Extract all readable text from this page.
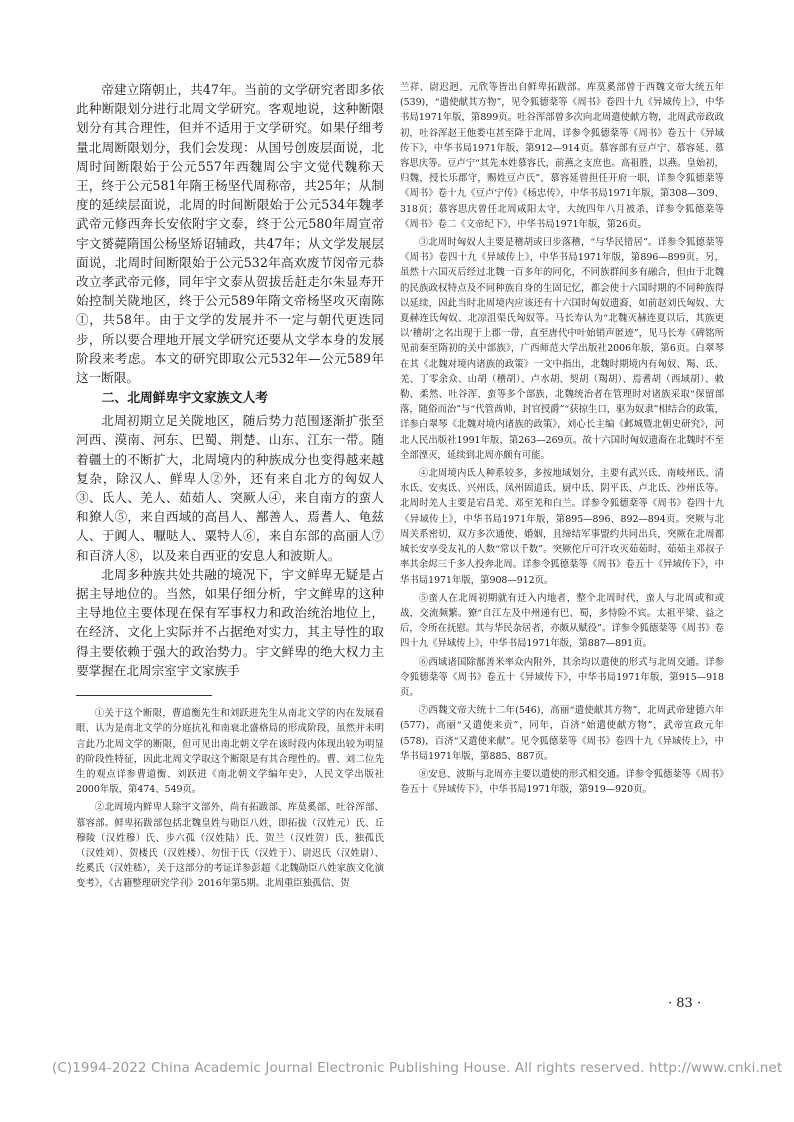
帝建立隋朝止，共47年。当前的文学研究者即多依此种断限划分进行北周文学研究。客观地说，这种断限划分有其合理性，但并不适用于文学研究。如果仔细考量北周断限划分，我们会发现：从国号创废层面说，北周时间断限始于公元557年西魏周公宇文觉代魏称天王，终于公元581年隋王杨坚代周称帝，共25年；从制度的延续层面说，北周的时间断限始于公元534年魏孝武帝元修西奔长安依附宇文泰，终于公元580年周宣帝宇文赟薨隋国公杨坚矫诏辅政，共47年；从文学发展层面说，北周时间断限始于公元532年高欢废节闵帝元恭改立孝武帝元修，同年宇文泰从贺拔岳赶走尔朱显寿开始控制关陇地区，终于公元589年隋文帝杨坚攻灭南陈①，共58年。由于文学的发展并不一定与朝代更迭同步，所以要合理地开展文学研究还要从文学本身的发展阶段来考虑。本文的研究即取公元532年—公元589年这一断限。

二、北周鲜卑宇文家族文人考

北周初期立足关陇地区，随后势力范围逐渐扩张至河西、漠南、河东、巴蜀、荆楚、山东、江东一带。随着疆土的不断扩大，北周境内的种族成分也变得越来越复杂，除汉人、鲜卑人②外，还有来自北方的匈奴人③、氐人、羌人、茹茹人、突厥人④，来自南方的蛮人和獠人⑤，来自西域的高昌人、鄯善人、焉耆人、龟兹人、于阗人、嚈哒人、粟特人⑥，来自东部的高丽人⑦和百济人⑧，以及来自西亚的安息人和波斯人。

北周多种族共处共融的境况下，宇文鲜卑无疑是占据主导地位的。当然，如果仔细分析，宇文鲜卑的这种主导地位主要体现在保有军事权力和政治统治地位上，在经济、文化上实际并不占据绝对实力，其主导性的取得主要依赖于强大的政治势力。宇文鲜卑的绝大权力主要掌握在北周宗室宇文家族手

①关于这个断限，曹道衡先生和刘跃进先生从南北文学的内在发展看眼，认为是南北文学的分庭抗礼和南衰北盛格局的形成阶段，虽然并未明言此乃北周文学的断限，但可见出南北朝文学在该时段内体现出较为明显的阶段性特征，因此北周文学取这个断限是有其合理性的。曹、刘二位先生的观点详参曹道衡、刘跃进《南北朝文学编年史》，人民文学出版社2000年版，第474、549页。

②北周境内鲜卑人除宇文部外，尚有拓跋部、库莫奚部、吐谷浑部、慕容部。鲜卑拓跋部包括北魏皇姓与勋臣八姓，即拓拔（汉姓元）氏、丘穆陵（汉姓穆）氏、步六孤（汉姓陆）氏、贺兰（汉姓贺）氏、独孤氏（汉姓刘）、贺楼氏（汉姓楼）、勿忸于氏（汉姓于）、尉迟氏（汉姓尉）、纥奚氏（汉姓嵇），关于这部分的考证详参彭超《北魏勋臣八姓家族文化演变考》，《古籍整理研究学刊》2016年第5期。北周重臣独孤信、贺

兰祥、尉迟迥、元欣等皆出自鲜卑拓跋部。库莫奚部曾于西魏文帝大统五年(539)，“遣使献其方物”，见令狐德棻等《周书》卷四十九《异域传上》，中华书局1971年版，第899页。吐谷浑部曾多次向北周遣使献方物，北周武帝政政初，吐谷浑赵王他娄屯甚至降于北周，详参令狐德棻等《周书》卷五十《异域传下》，中华书局1971年版，第912—914页。慕容部有豆卢宁、慕容延、慕容思庆等。豆卢宁“其先本姓慕容氏，前燕之支庶也。高祖胜，以燕。皇始初，归魏，授长乐郡守，赐姓豆卢氏”，慕容延曾担任开府一职，详参令狐德棻等《周书》卷十九《豆卢宁传》《杨忠传》，中华书局1971年版，第308—309、318页；慕容思庆曾任北周咸阳太守，大统四年八月被杀，详参令狐德棻等《周书》卷二《文帝纪下》，中华书局1971年版，第26页。

③北周时匈奴人主要是稽胡或曰步落稽，“与华民错居”。详参令狐德棻等《周书》卷四十九《异域传上》，中华书局1971年版，第896—899页。另，虽然十六国灭后经过北魏一百多年的同化，不同族群间多有融合，但由于北魏的民族政权特点及不同种族自身的生固记忆，都会使十六国时期的不同种族得以延续，因此当时北周境内应该还有十六国时匈奴遗裔，如前赵刘氏匈奴、大夏赫连氏匈奴、北凉沮渠氏匈奴等。马长寿认为“北魏灭赫连夏以后，其族更以‘稽胡’之名出现于上郡一带，直至唐代中叶始销声匿迹”，见马长寿《碑铭所见前秦至隋初的关中部族》，广西师范大学出版社2006年版，第6页。白翠琴在其《北魏对境内诸族的政策》一文中指出，北魏时期境内有匈奴、羯、氐、羌、丁零余众、山胡（稽胡）、卢水胡、契胡（羯胡）、焉耆胡（西域胡）、敕勒、柔然、吐谷浑、蛮等多个部族，北魏统治者在管理时对诸族采取“保留部落，随俗而治”与“代管酋帅，封官授爵”“获掠生口，驱为奴隶”相结合的政策，详参白翠琴《北魏对境内诸族的政策》，刘心长主编《邺城暨北朝史研究》，河北人民出版社1991年版，第263—269页。故十六国时匈奴遗裔在北魏时不至全部湮灭，延续到北周亦颇有可能。

④北周境内氐人种系较多，多按地域划分，主要有武兴氐、南岐州氐、清水氐、安夷氐、兴州氐、凤州固道氐、厨中氐、阴平氐、卢北氐、沙州氐等。北周时羌人主要是宕昌羌、邓至羌和白兰。详参令狐德棻等《周书》卷四十九《异域传上》，中华书局1971年版，第895—896、892—894页。突厥与北周关系密切，双方多次通使、婚姻，且缔结军事盟约共同出兵，突厥在北周都城长安享受友礼的人数“常以千数”。突厥佗斤可汗攻灭茹茹时，茹茹主邓叔子率其余烬三千多人投奔北周。详参令狐德棻等《周书》卷五十《异域传下》，中华书局1971年版，第908—912页。

⑤蛮人在北周初期就有迁入内地者，整个北周时代，蛮人与北周或和或战，交流频繁。獠“自江左及中州递有巴、蜀，多恃险不宾。太祖平梁、益之后，令所在抚慰。其与华民杂居者，亦颇从赋役”。详参令狐德棻等《周书》卷四十九《异域传上》，中华书局1971年版，第887—891页。

⑥西域诸国除鄯善米率众内附外，其余均以遣使的形式与北周交通。详参令狐德棻等《周书》卷五十《异域传下》，中华书局1971年版，第915—918页。

⑦西魏文帝大统十二年(546)，高丽“遣使献其方物”，北周武帝建德六年(577)，高丽“又遣使来贡”，同年，百济“始遣使献方物”，武帝宣政元年(578)，百济“又遣使来献”。见令狐德棻等《周书》卷四十九《异域传上》，中华书局1971年版，第885、887页。

⑧安息、波斯与北周亦主要以遣使的形式相交通。详参令狐德棻等《周书》卷五十《异域传下》，中华书局1971年版，第919—920页。

· 83 ·
(C)1994-2022 China Academic Journal Electronic Publishing House. All rights reserved. http://www.cnki.net
